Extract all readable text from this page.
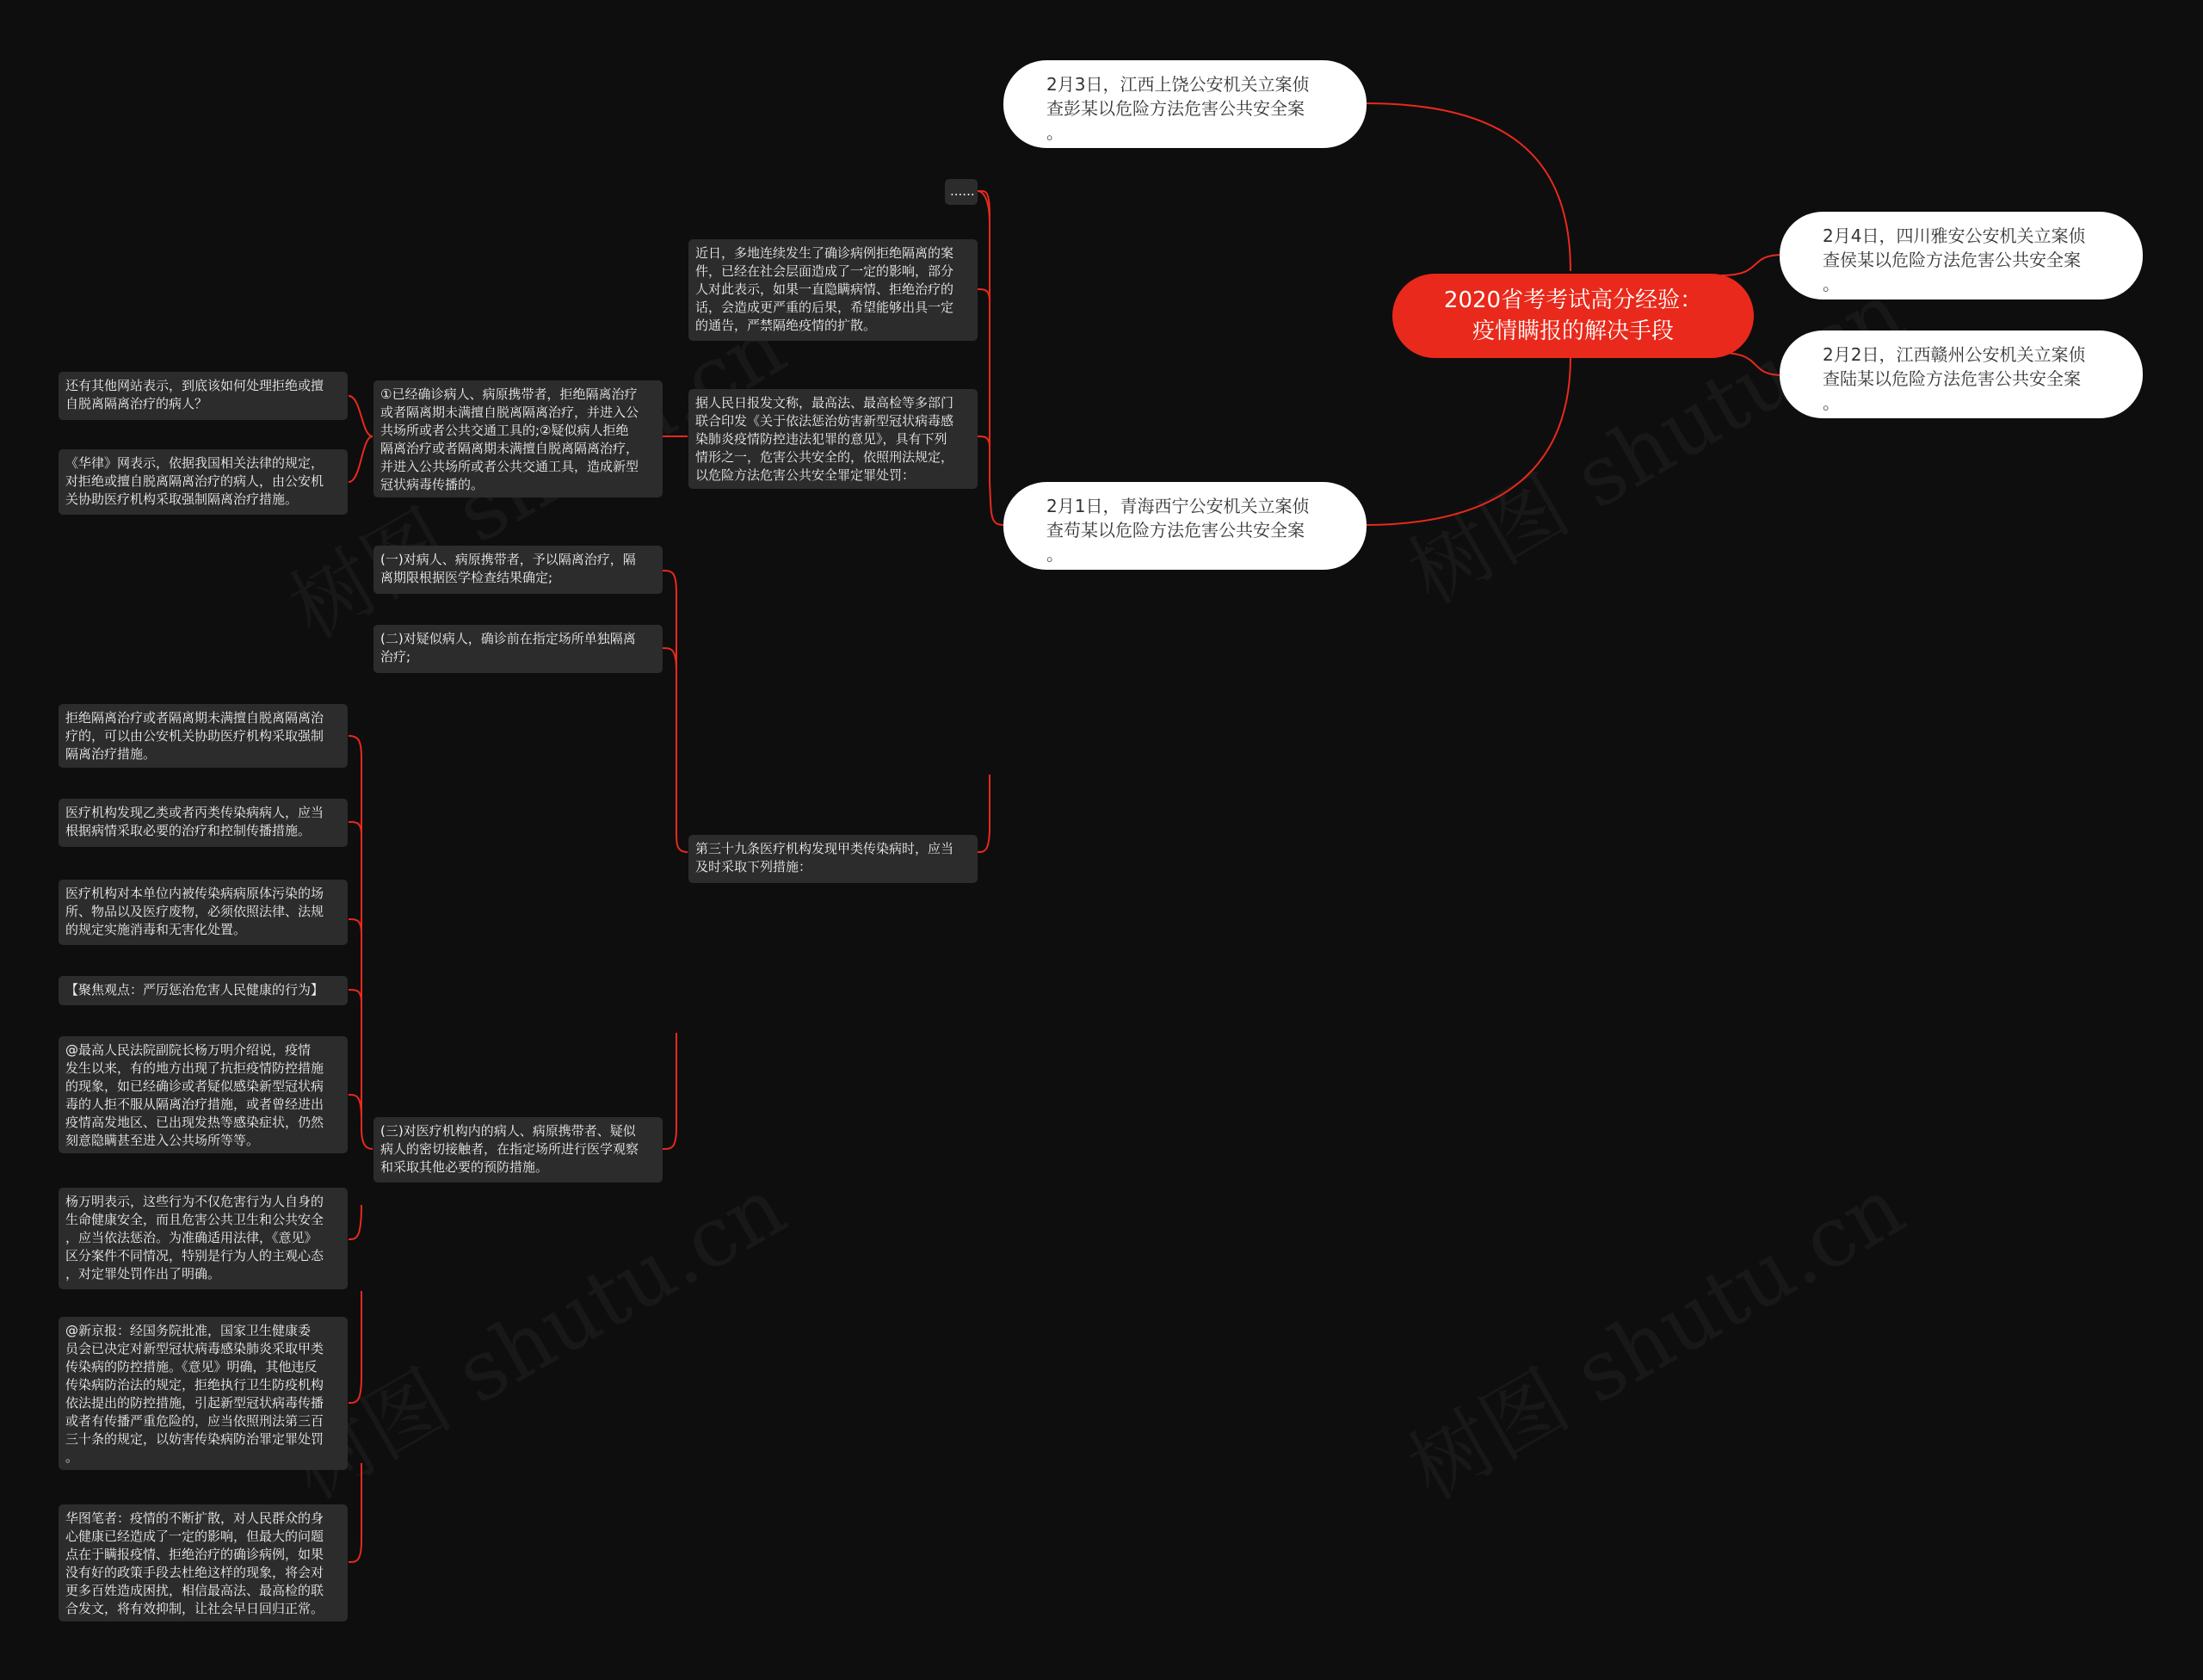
2020省考考试高分经验：
疫情瞒报的解决手段
2月4日，四川雅安公安机关立案侦
查侯某以危险方法危害公共安全案
。
2月2日，江西赣州公安机关立案侦
查陆某以危险方法危害公共安全案
。
2月3日，江西上饶公安机关立案侦
查彭某以危险方法危害公共安全案
。
2月1日，青海西宁公安机关立案侦
查苟某以危险方法危害公共安全案
。
......
近日，多地连续发生了确诊病例拒绝隔离的案
件，已经在社会层面造成了一定的影响，部分
人对此表示，如果一直隐瞒病情、拒绝治疗的
话，会造成更严重的后果，希望能够出具一定
的通告，严禁隔绝疫情的扩散。
据人民日报发文称，最高法、最高检等多部门
联合印发《关于依法惩治妨害新型冠状病毒感
染肺炎疫情防控违法犯罪的意见》，具有下列
情形之一，危害公共安全的，依照刑法规定，
以危险方法危害公共安全罪定罪处罚：
第三十九条医疗机构发现甲类传染病时，应当
及时采取下列措施：
①已经确诊病人、病原携带者，拒绝隔离治疗
或者隔离期未满擅自脱离隔离治疗，并进入公
共场所或者公共交通工具的;②疑似病人拒绝
隔离治疗或者隔离期未满擅自脱离隔离治疗，
并进入公共场所或者公共交通工具，造成新型
冠状病毒传播的。
(一)对病人、病原携带者，予以隔离治疗，隔
离期限根据医学检查结果确定;
(二)对疑似病人，确诊前在指定场所单独隔离
治疗;
(三)对医疗机构内的病人、病原携带者、疑似
病人的密切接触者，在指定场所进行医学观察
和采取其他必要的预防措施。
还有其他网站表示，到底该如何处理拒绝或擅
自脱离隔离治疗的病人？
《华律》网表示，依据我国相关法律的规定，
对拒绝或擅自脱离隔离治疗的病人，由公安机
关协助医疗机构采取强制隔离治疗措施。
拒绝隔离治疗或者隔离期未满擅自脱离隔离治
疗的，可以由公安机关协助医疗机构采取强制
隔离治疗措施。
医疗机构发现乙类或者丙类传染病病人，应当
根据病情采取必要的治疗和控制传播措施。
医疗机构对本单位内被传染病病原体污染的场
所、物品以及医疗废物，必须依照法律、法规
的规定实施消毒和无害化处置。
【聚焦观点：严厉惩治危害人民健康的行为】
@最高人民法院副院长杨万明介绍说，疫情
发生以来，有的地方出现了抗拒疫情防控措施
的现象，如已经确诊或者疑似感染新型冠状病
毒的人拒不服从隔离治疗措施，或者曾经进出
疫情高发地区、已出现发热等感染症状，仍然
刻意隐瞒甚至进入公共场所等等。
杨万明表示，这些行为不仅危害行为人自身的
生命健康安全，而且危害公共卫生和公共安全
，应当依法惩治。为准确适用法律，《意见》
区分案件不同情况，特别是行为人的主观心态
，对定罪处罚作出了明确。
@新京报：经国务院批准，国家卫生健康委
员会已决定对新型冠状病毒感染肺炎采取甲类
传染病的防控措施。《意见》明确，其他违反
传染病防治法的规定，拒绝执行卫生防疫机构
依法提出的防控措施，引起新型冠状病毒传播
或者有传播严重危险的，应当依照刑法第三百
三十条的规定，以妨害传染病防治罪定罪处罚
。
华图笔者：疫情的不断扩散，对人民群众的身
心健康已经造成了一定的影响，但最大的问题
点在于瞒报疫情、拒绝治疗的确诊病例，如果
没有好的政策手段去杜绝这样的现象，将会对
更多百姓造成困扰，相信最高法、最高检的联
合发文，将有效抑制，让社会早日回归正常。
